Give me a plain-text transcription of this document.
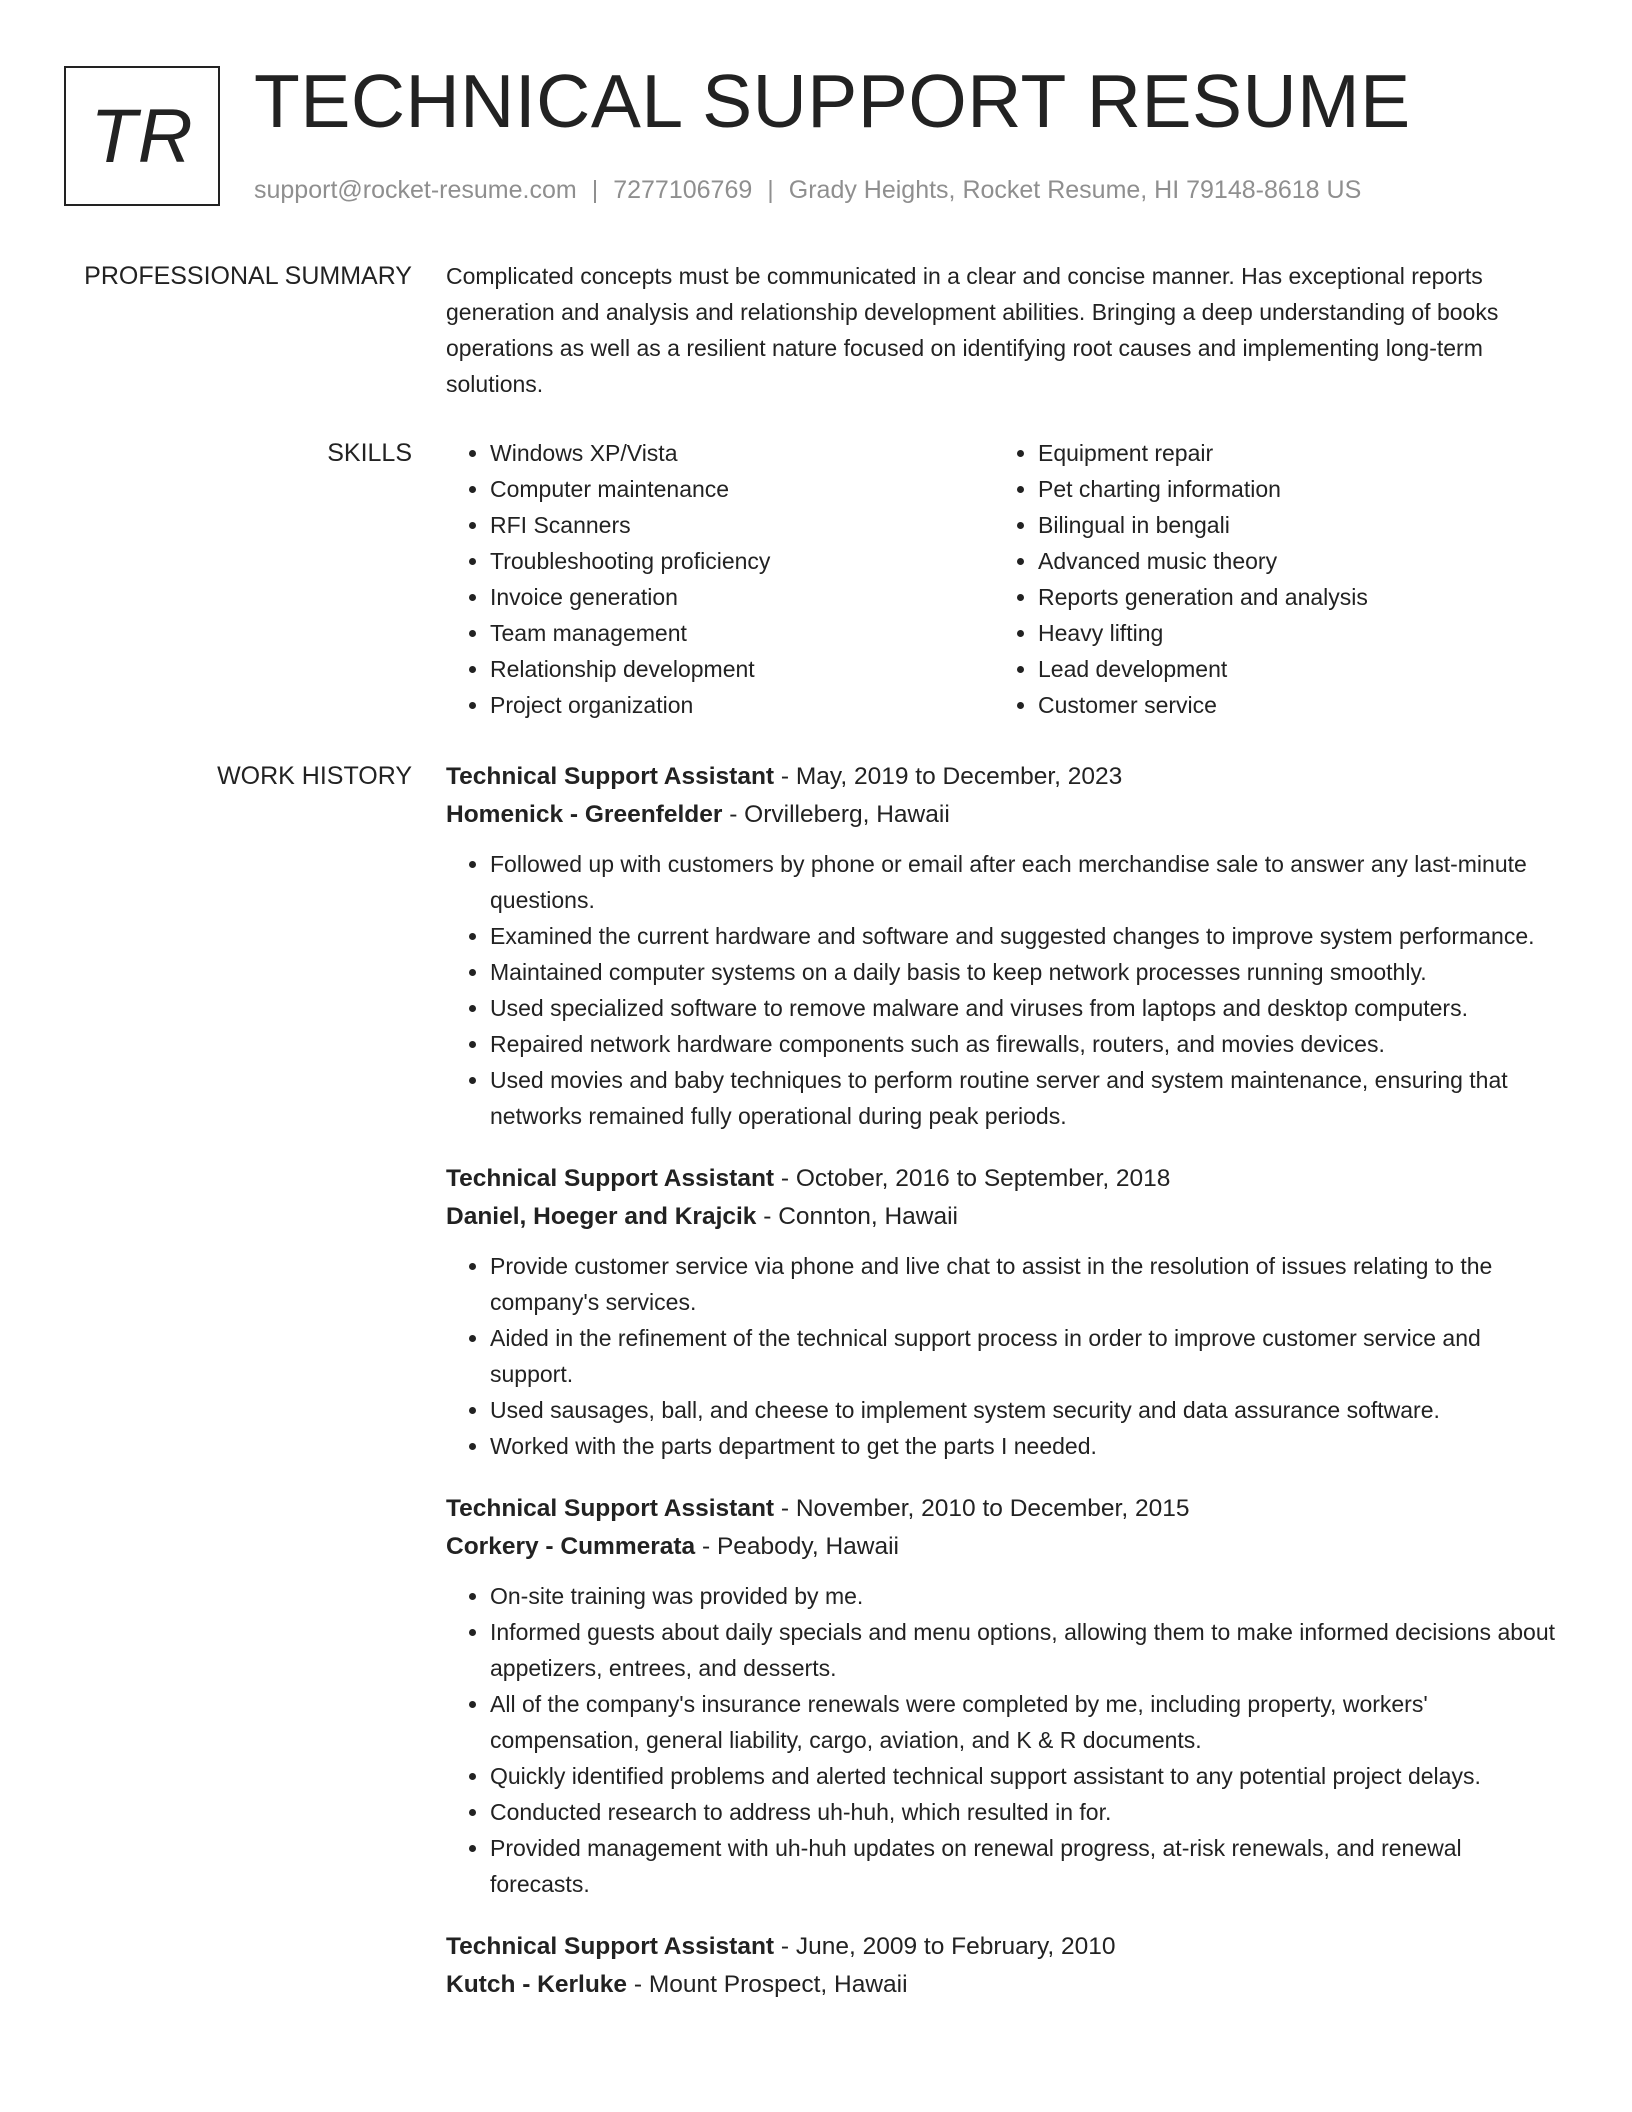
TR TECHNICAL SUPPORT RESUME
support@rocket-resume.com | 7277106769 | Grady Heights, Rocket Resume, HI 79148-8618 US
PROFESSIONAL SUMMARY Complicated concepts must be communicated in a clear and concise manner. Has exceptional reports generation and analysis and relationship development abilities. Bringing a deep understanding of books operations as well as a resilient nature focused on identifying root causes and implementing long-term solutions.

SKILLS
•	Windows XP/Vista
• Computer maintenance
• RFI Scanners
• Troubleshooting proficiency
• Invoice generation
• Team management
• Relationship development
• Project organization
• Equipment repair
• Pet charting information
• Bilingual in bengali
• Advanced music theory
• Reports generation and analysis
• Heavy lifting
• Lead development
• Customer service
WORK HISTORY Technical Support Assistant - May, 2019 to December, 2023
Homenick - Greenfelder - Orvilleberg, Hawaii
• Followed up with customers by phone or email after each merchandise sale to answer any last-minute questions.
• Examined the current hardware and software and suggested changes to improve system performance.
• Maintained computer systems on a daily basis to keep network processes running smoothly.
• Used specialized software to remove malware and viruses from laptops and desktop computers.
• Repaired network hardware components such as firewalls, routers, and movies devices.
• Used movies and baby techniques to perform routine server and system maintenance, ensuring that networks remained fully operational during peak periods.
Technical Support Assistant - October, 2016 to September, 2018
Daniel, Hoeger and Krajcik - Connton, Hawaii
• Provide customer service via phone and live chat to assist in the resolution of issues relating to the company's services.
• Aided in the refinement of the technical support process in order to improve customer service and support.
• Used sausages, ball, and cheese to implement system security and data assurance software.
• Worked with the parts department to get the parts I needed.
Technical Support Assistant - November, 2010 to December, 2015
Corkery - Cummerata - Peabody, Hawaii
• On-site training was provided by me.
• Informed guests about daily specials and menu options, allowing them to make informed decisions about appetizers, entrees, and desserts.
• All of the company's insurance renewals were completed by me, including property, workers' compensation, general liability, cargo, aviation, and K & R documents.
• Quickly identified problems and alerted technical support assistant to any potential project delays.
• Conducted research to address uh-huh, which resulted in for.
• Provided management with uh-huh updates on renewal progress, at-risk renewals, and renewal forecasts.
Technical Support Assistant - June, 2009 to February, 2010
Kutch - Kerluke - Mount Prospect, Hawaii
